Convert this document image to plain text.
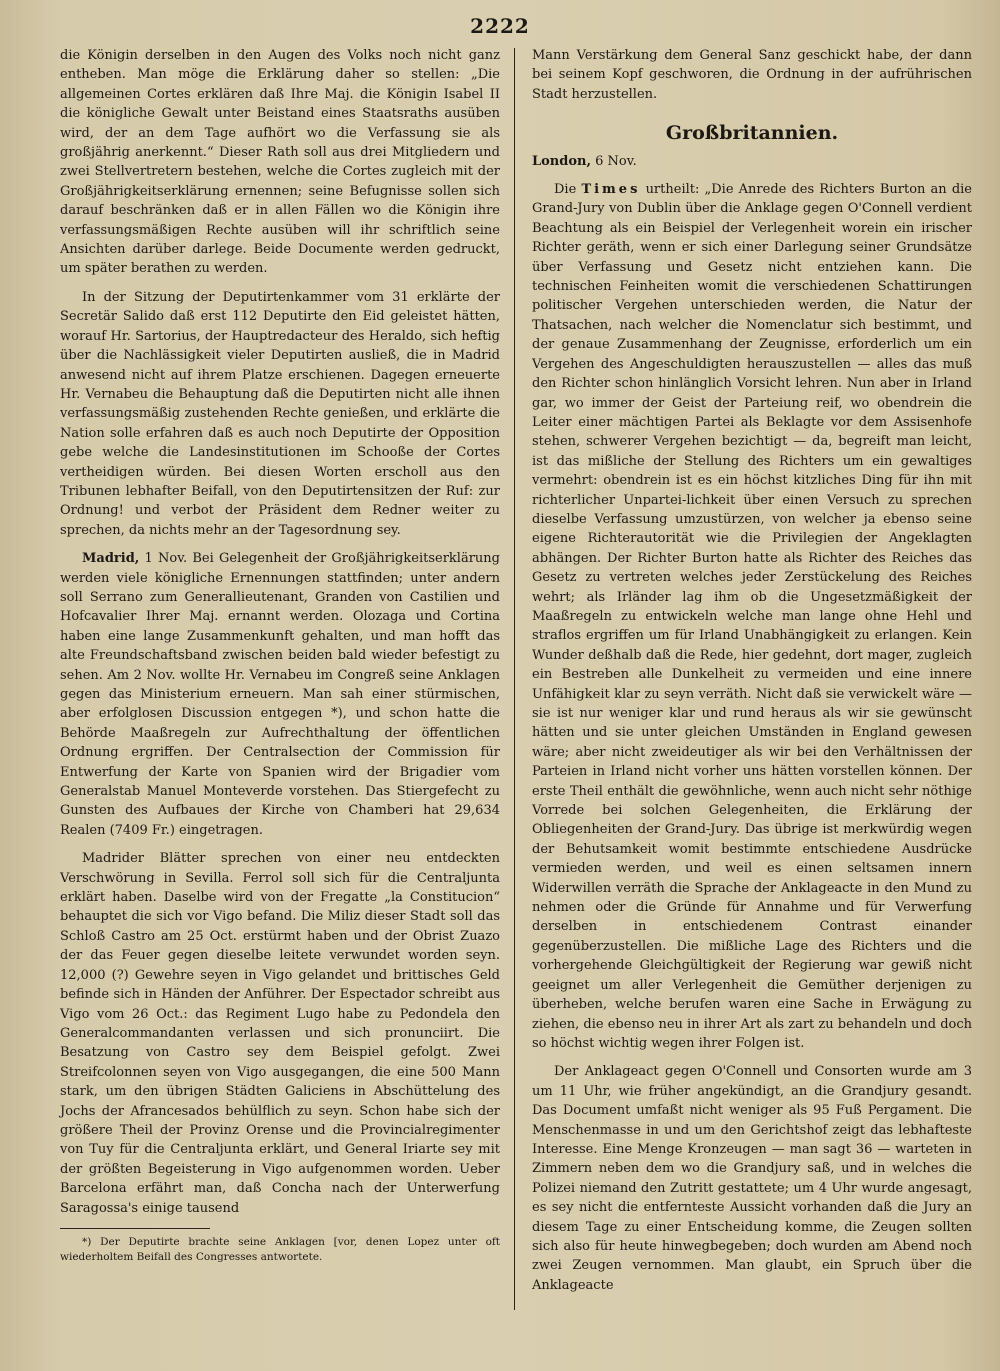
2222

die Königin derselben in den Augen des Volks noch nicht ganz entheben. Man möge die Erklärung daher so stellen: „Die allgemeinen Cortes erklären daß Ihre Maj. die Königin Isabel II die königliche Gewalt unter Beistand eines Staatsraths ausüben wird, der an dem Tage aufhört wo die Verfassung sie als großjährig anerkennt.“ Dieser Rath soll aus drei Mitgliedern und zwei Stellvertretern bestehen, welche die Cortes zugleich mit der Großjährigkeitserklärung ernennen; seine Befugnisse sollen sich darauf beschränken daß er in allen Fällen wo die Königin ihre verfassungsmäßigen Rechte ausüben will ihr schriftlich seine Ansichten darüber darlege. Beide Documente werden gedruckt, um später berathen zu werden.

In der Sitzung der Deputirtenkammer vom 31 erklärte der Secretär Salido daß erst 112 Deputirte den Eid geleistet hätten, worauf Hr. Sartorius, der Hauptredacteur des Heraldo, sich heftig über die Nachlässigkeit vieler Deputirten ausließ, die in Madrid anwesend nicht auf ihrem Platze erschienen. Dagegen erneuerte Hr. Vernabeu die Behauptung daß die Deputirten nicht alle ihnen verfassungsmäßig zustehenden Rechte genießen, und erklärte die Nation solle erfahren daß es auch noch Deputirte der Opposition gebe welche die Landesinstitutionen im Schooße der Cortes vertheidigen würden. Bei diesen Worten erscholl aus den Tribunen lebhafter Beifall, von den Deputirtensitzen der Ruf: zur Ordnung! und verbot der Präsident dem Redner weiter zu sprechen, da nichts mehr an der Tagesordnung sey.

Madrid, 1 Nov. Bei Gelegenheit der Großjährigkeitserklärung werden viele königliche Ernennungen stattfinden; unter andern soll Serrano zum Generallieutenant, Granden von Castilien und Hofcavalier Ihrer Maj. ernannt werden. Olozaga und Cortina haben eine lange Zusammenkunft gehalten, und man hofft das alte Freundschaftsband zwischen beiden bald wieder befestigt zu sehen. Am 2 Nov. wollte Hr. Vernabeu im Congreß seine Anklagen gegen das Ministerium erneuern. Man sah einer stürmischen, aber erfolglosen Discussion entgegen *), und schon hatte die Behörde Maaßregeln zur Aufrechthaltung der öffentlichen Ordnung ergriffen. Der Centralsection der Commission für Entwerfung der Karte von Spanien wird der Brigadier vom Generalstab Manuel Monteverde vorstehen. Das Stiergefecht zu Gunsten des Aufbaues der Kirche von Chamberi hat 29,634 Realen (7409 Fr.) eingetragen.

Madrider Blätter sprechen von einer neu entdeckten Verschwörung in Sevilla. Ferrol soll sich für die Centraljunta erklärt haben. Daselbe wird von der Fregatte „la Constitucion“ behauptet die sich vor Vigo befand. Die Miliz dieser Stadt soll das Schloß Castro am 25 Oct. erstürmt haben und der Obrist Zuazo der das Feuer gegen dieselbe leitete verwundet worden seyn. 12,000 (?) Gewehre seyen in Vigo gelandet und brittisches Geld befinde sich in Händen der Anführer. Der Espectador schreibt aus Vigo vom 26 Oct.: das Regiment Lugo habe zu Pedondela den Generalcommandanten verlassen und sich pronunciirt. Die Besatzung von Castro sey dem Beispiel gefolgt. Zwei Streifcolonnen seyen von Vigo ausgegangen, die eine 500 Mann stark, um den übrigen Städten Galiciens in Abschüttelung des Jochs der Afrancesados behülflich zu seyn. Schon habe sich der größere Theil der Provinz Orense und die Provincialregimenter von Tuy für die Centraljunta erklärt, und General Iriarte sey mit der größten Begeisterung in Vigo aufgenommen worden. Ueber Barcelona erfährt man, daß Concha nach der Unterwerfung Saragossa's einige tausend

*) Der Deputirte brachte seine Anklagen [vor, denen Lopez unter oft wiederholtem Beifall des Congresses antwortete.

Mann Verstärkung dem General Sanz geschickt habe, der dann bei seinem Kopf geschworen, die Ordnung in der aufrührischen Stadt herzustellen.

Großbritannien.

London, 6 Nov.

Die Times urtheilt: „Die Anrede des Richters Burton an die Grand-Jury von Dublin über die Anklage gegen O'Connell verdient Beachtung als ein Beispiel der Verlegenheit worein ein irischer Richter geräth, wenn er sich einer Darlegung seiner Grundsätze über Verfassung und Gesetz nicht entziehen kann. Die technischen Feinheiten womit die verschiedenen Schattirungen politischer Vergehen unterschieden werden, die Natur der Thatsachen, nach welcher die Nomenclatur sich bestimmt, und der genaue Zusammenhang der Zeugnisse, erforderlich um ein Vergehen des Angeschuldigten herauszustellen — alles das muß den Richter schon hinlänglich Vorsicht lehren. Nun aber in Irland gar, wo immer der Geist der Parteiung reif, wo obendrein die Leiter einer mächtigen Partei als Beklagte vor dem Assisenhofe stehen, schwerer Vergehen bezichtigt — da, begreift man leicht, ist das mißliche der Stellung des Richters um ein gewaltiges vermehrt: obendrein ist es ein höchst kitzliches Ding für ihn mit richterlicher Unpartei-lichkeit über einen Versuch zu sprechen dieselbe Verfassung umzustürzen, von welcher ja ebenso seine eigene Richterautorität wie die Privilegien der Angeklagten abhängen. Der Richter Burton hatte als Richter des Reiches das Gesetz zu vertreten welches jeder Zerstückelung des Reiches wehrt; als Irländer lag ihm ob die Ungesetzmäßigkeit der Maaßregeln zu entwickeln welche man lange ohne Hehl und straflos ergriffen um für Irland Unabhängigkeit zu erlangen. Kein Wunder deßhalb daß die Rede, hier gedehnt, dort mager, zugleich ein Bestreben alle Dunkelheit zu vermeiden und eine innere Unfähigkeit klar zu seyn verräth. Nicht daß sie verwickelt wäre — sie ist nur weniger klar und rund heraus als wir sie gewünscht hätten und sie unter gleichen Umständen in England gewesen wäre; aber nicht zweideutiger als wir bei den Verhältnissen der Parteien in Irland nicht vorher uns hätten vorstellen können. Der erste Theil enthält die gewöhnliche, wenn auch nicht sehr nöthige Vorrede bei solchen Gelegenheiten, die Erklärung der Obliegenheiten der Grand-Jury. Das übrige ist merkwürdig wegen der Behutsamkeit womit bestimmte entschiedene Ausdrücke vermieden werden, und weil es einen seltsamen innern Widerwillen verräth die Sprache der Anklageacte in den Mund zu nehmen oder die Gründe für Annahme und für Verwerfung derselben in entschiedenem Contrast einander gegenüberzustellen. Die mißliche Lage des Richters und die vorhergehende Gleichgültigkeit der Regierung war gewiß nicht geeignet um aller Verlegenheit die Gemüther derjenigen zu überheben, welche berufen waren eine Sache in Erwägung zu ziehen, die ebenso neu in ihrer Art als zart zu behandeln und doch so höchst wichtig wegen ihrer Folgen ist.

Der Anklageact gegen O'Connell und Consorten wurde am 3 um 11 Uhr, wie früher angekündigt, an die Grandjury gesandt. Das Document umfaßt nicht weniger als 95 Fuß Pergament. Die Menschenmasse in und um den Gerichtshof zeigt das lebhafteste Interesse. Eine Menge Kronzeugen — man sagt 36 — warteten in Zimmern neben dem wo die Grandjury saß, und in welches die Polizei niemand den Zutritt gestattete; um 4 Uhr wurde angesagt, es sey nicht die entfernteste Aussicht vorhanden daß die Jury an diesem Tage zu einer Entscheidung komme, die Zeugen sollten sich also für heute hinwegbegeben; doch wurden am Abend noch zwei Zeugen vernommen. Man glaubt, ein Spruch über die Anklageacte
